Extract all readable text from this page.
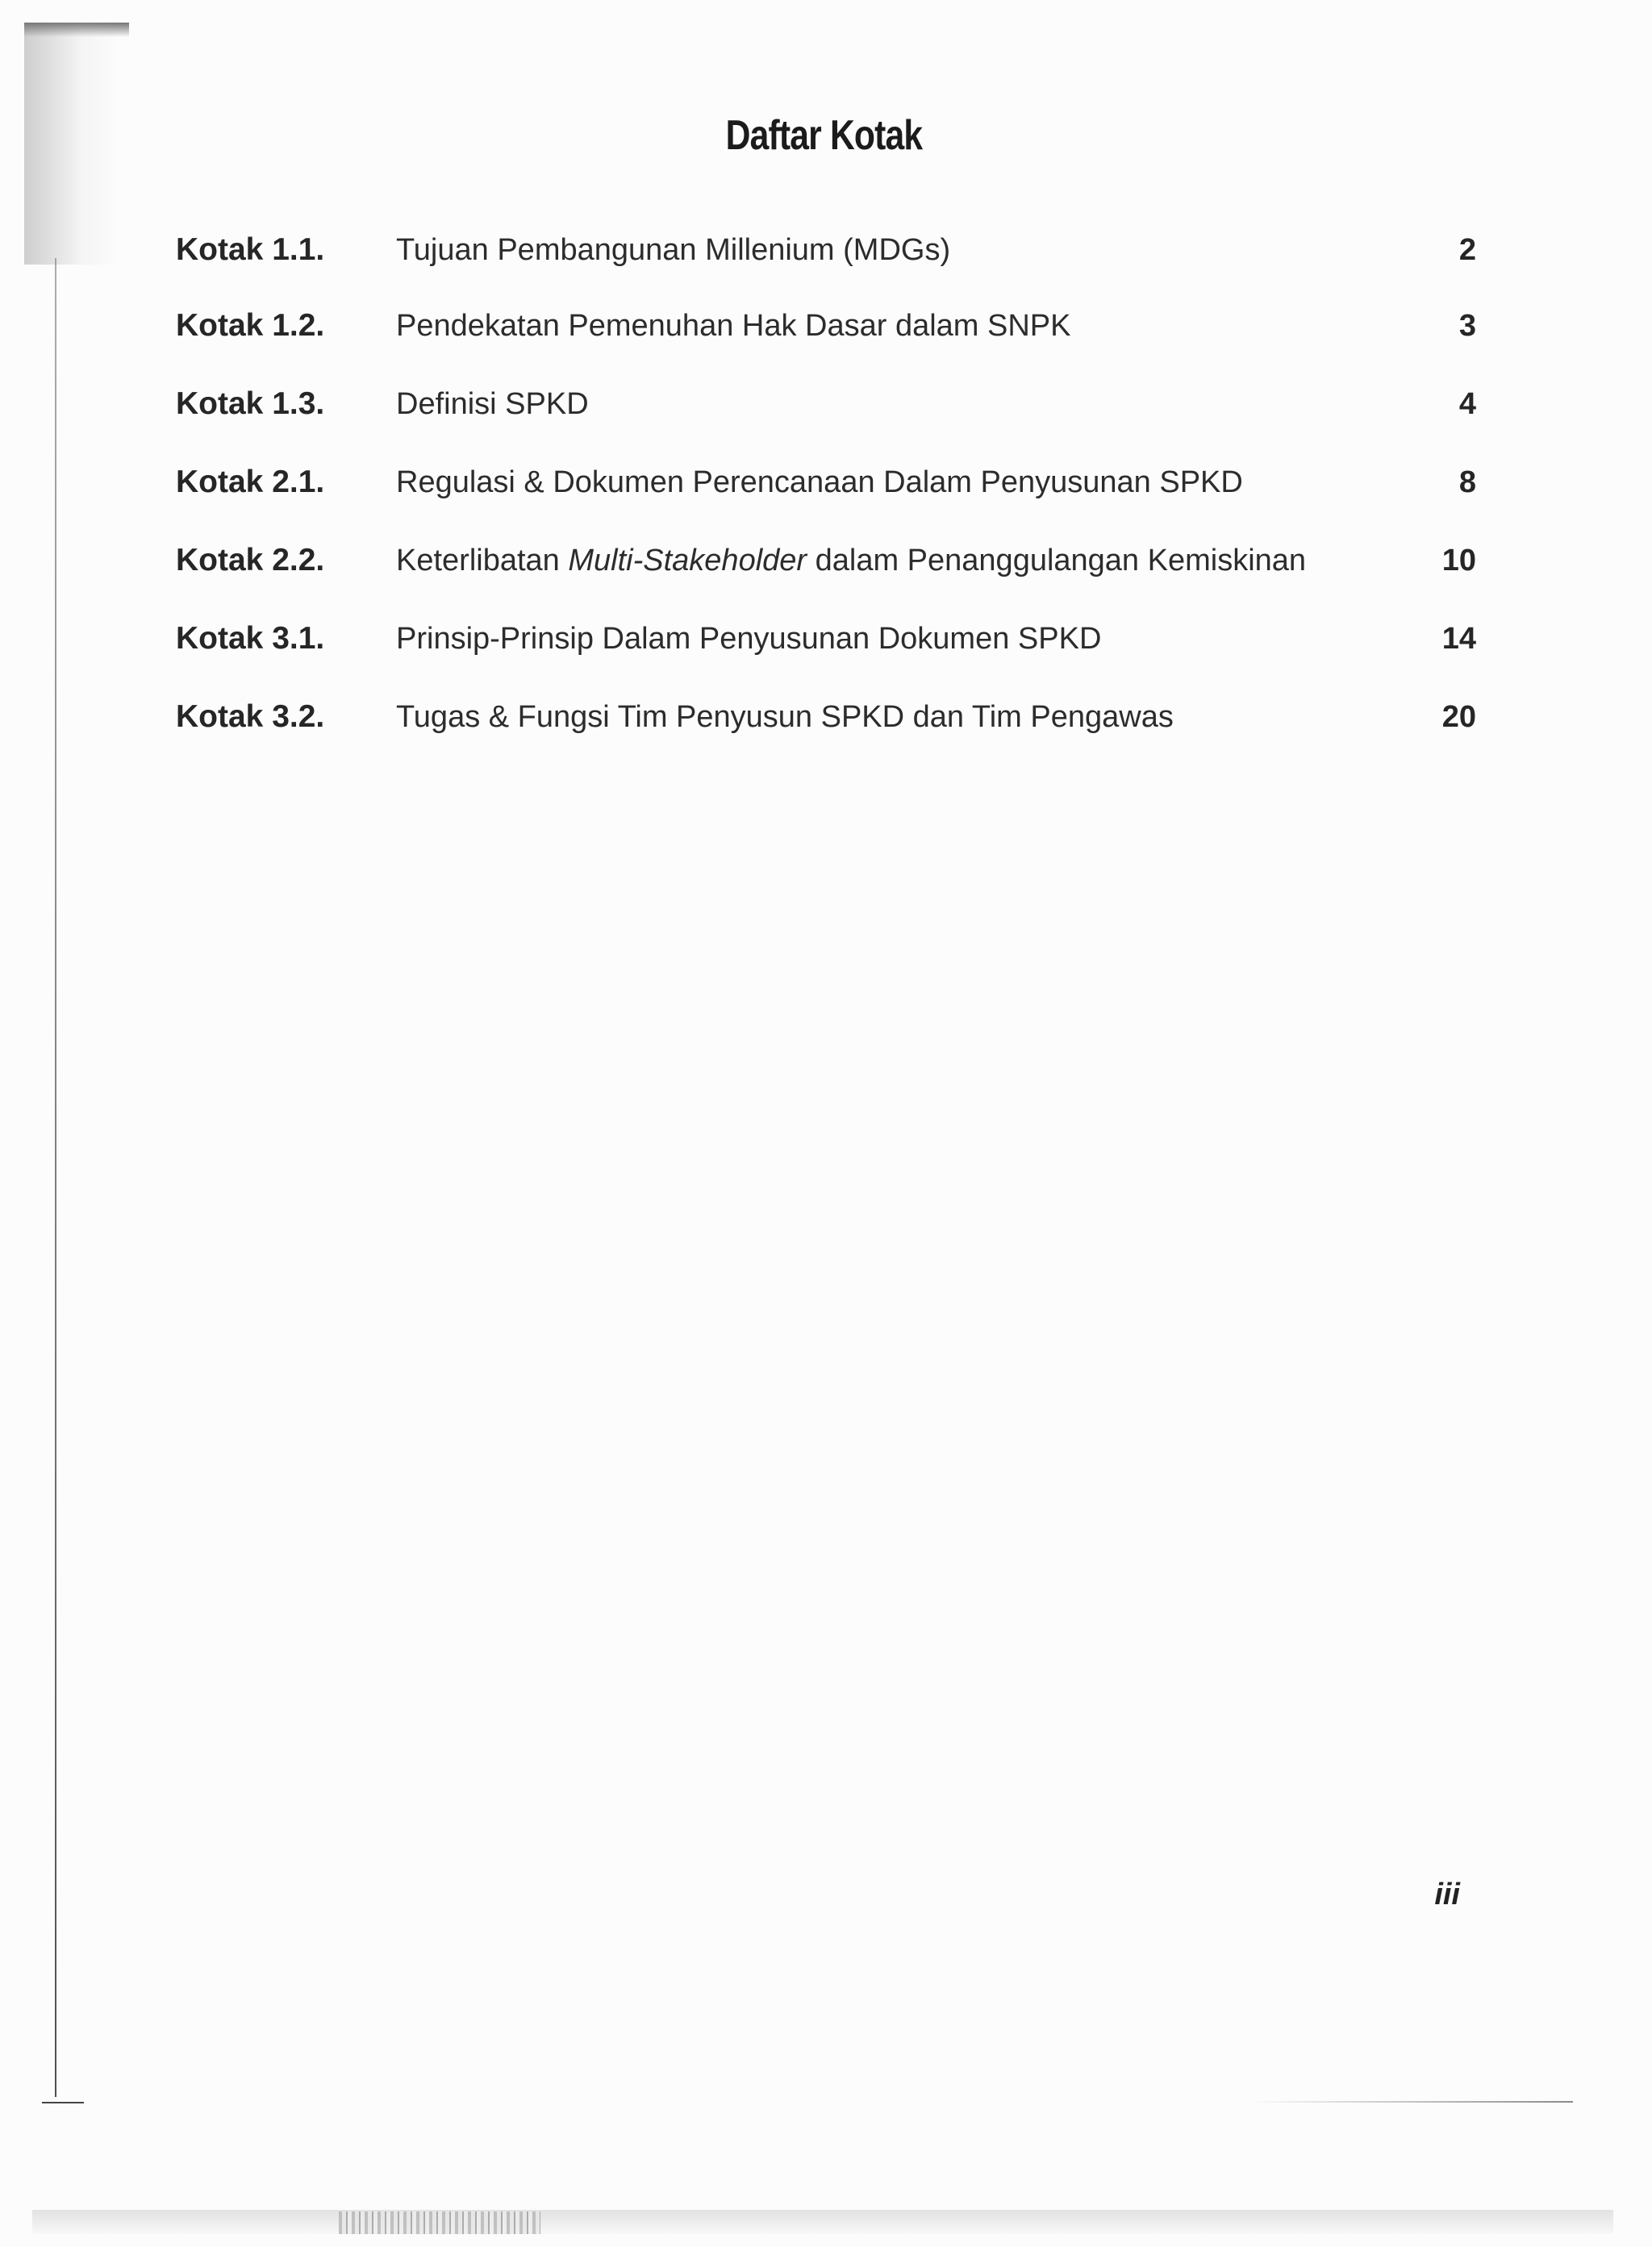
Daftar Kotak
Kotak 1.1.	Tujuan Pembangunan Millenium (MDGs)	2
Kotak 1.2.	Pendekatan Pemenuhan Hak Dasar dalam SNPK	3
Kotak 1.3.	Definisi SPKD	4
Kotak 2.1.	Regulasi & Dokumen Perencanaan Dalam Penyusunan SPKD	8
Kotak 2.2.	Keterlibatan Multi-Stakeholder dalam Penanggulangan Kemiskinan	10
Kotak 3.1.	Prinsip-Prinsip Dalam Penyusunan Dokumen SPKD	14
Kotak 3.2.	Tugas & Fungsi Tim Penyusun SPKD dan Tim Pengawas	20
iii
